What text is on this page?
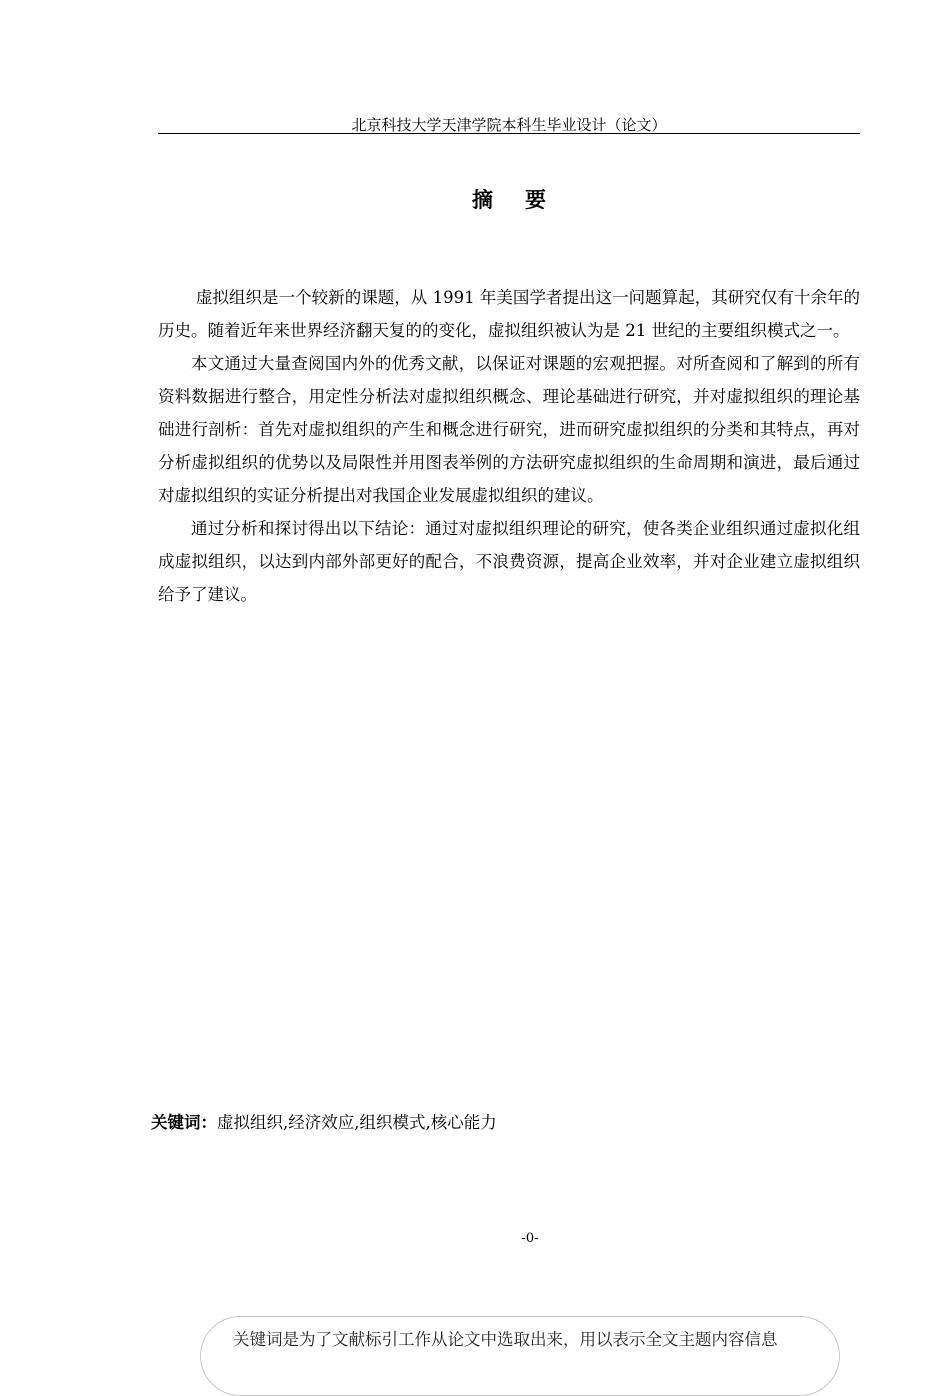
北京科技大学天津学院本科生毕业设计（论文）
摘要

虚拟组织是一个较新的课题，从 1991 年美国学者提出这一问题算起，其研究仅有十余年的历史。随着近年来世界经济翻天复的的变化，虚拟组织被认为是 21 世纪的主要组织模式之一。

本文通过大量查阅国内外的优秀文献，以保证对课题的宏观把握。对所查阅和了解到的所有资料数据进行整合，用定性分析法对虚拟组织概念、理论基础进行研究，并对虚拟组织的理论基础进行剖析：首先对虚拟组织的产生和概念进行研究，进而研究虚拟组织的分类和其特点，再对分析虚拟组织的优势以及局限性并用图表举例的方法研究虚拟组织的生命周期和演进，最后通过对虚拟组织的实证分析提出对我国企业发展虚拟组织的建议。

通过分析和探讨得出以下结论：通过对虚拟组织理论的研究，使各类企业组织通过虚拟化组成虚拟组织，以达到内部外部更好的配合，不浪费资源，提高企业效率，并对企业建立虚拟组织给予了建议。

关键词：虚拟组织,经济效应,组织模式,核心能力
-0-
关键词是为了文献标引工作从论文中选取出来，用以表示全文主题内容信息
